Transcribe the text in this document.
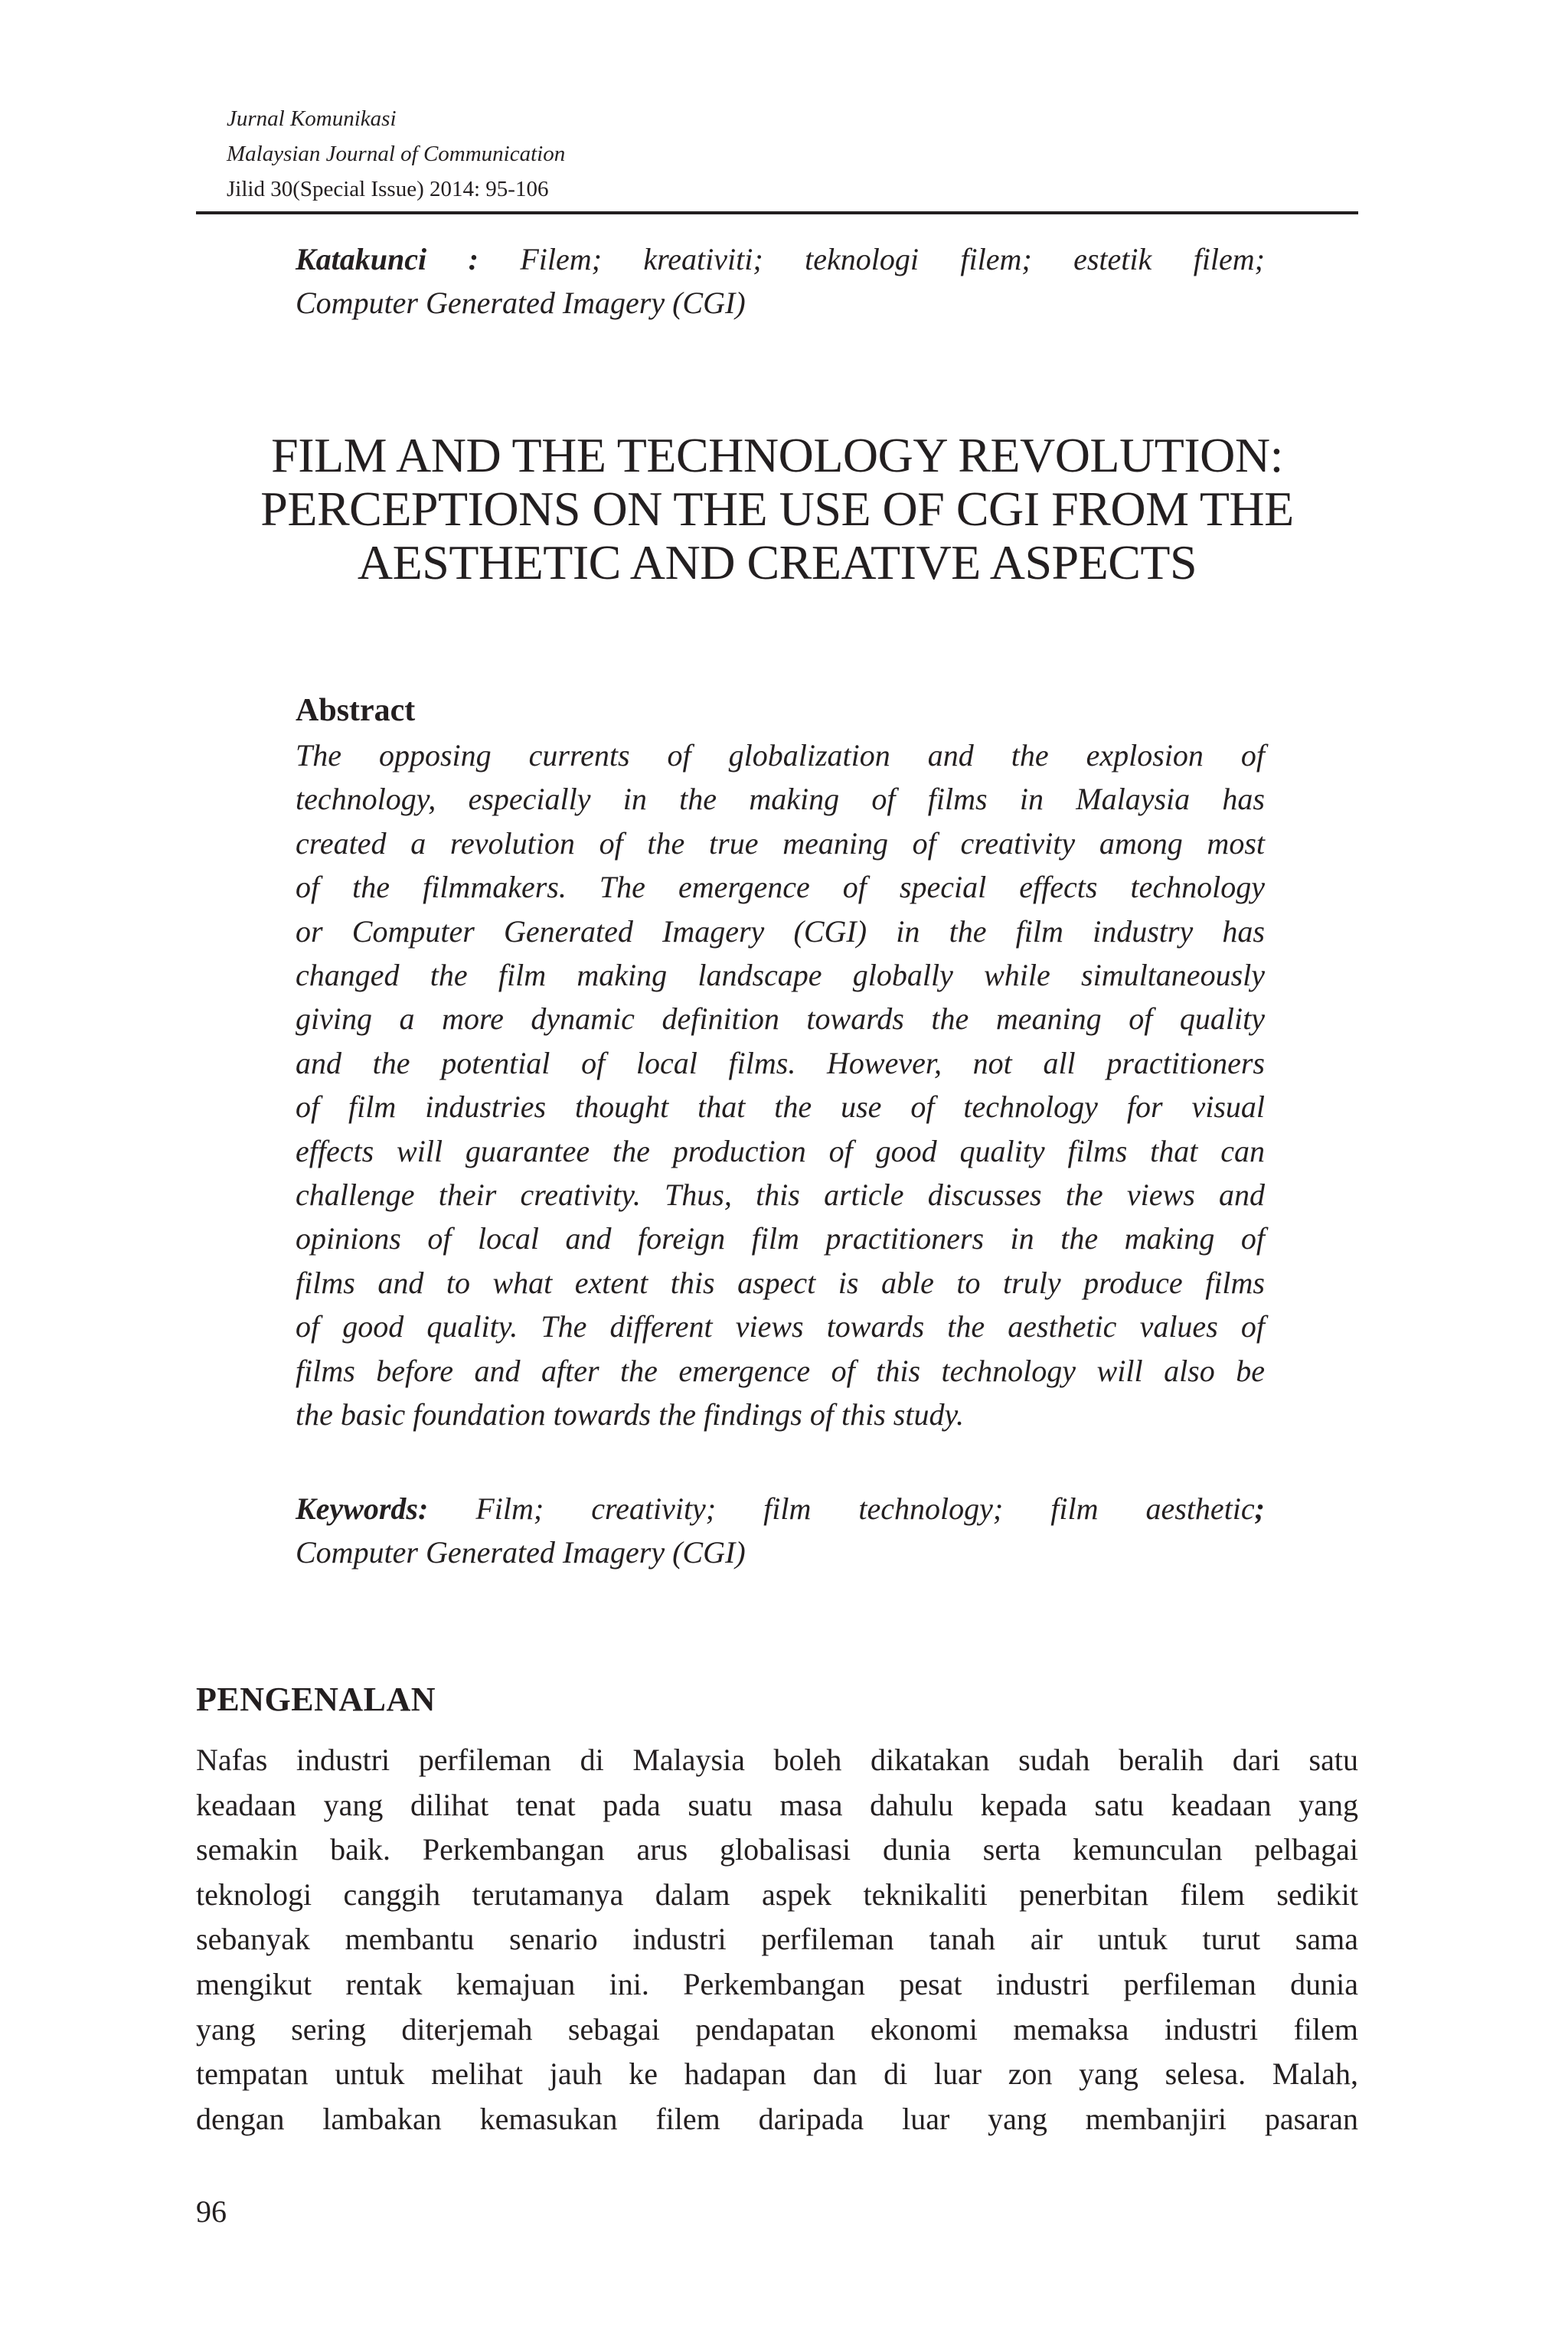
Jurnal Komunikasi
Malaysian Journal of Communication
Jilid 30(Special Issue) 2014: 95-106
Katakunci : Filem; kreativiti; teknologi filem; estetik filem;
Computer Generated Imagery (CGI)
FILM AND THE TECHNOLOGY REVOLUTION:
PERCEPTIONS ON THE USE OF CGI FROM THE
AESTHETIC AND CREATIVE ASPECTS
Abstract
The opposing currents of globalization and the explosion of
technology, especially in the making of films in Malaysia has
created a revolution of the true meaning of creativity among most
of the filmmakers. The emergence of special effects technology
or Computer Generated Imagery (CGI) in the film industry has
changed the film making landscape globally while simultaneously
giving a more dynamic definition towards the meaning of quality
and the potential of local films. However, not all practitioners
of film industries thought that the use of technology for visual
effects will guarantee the production of good quality films that can
challenge their creativity. Thus, this article discusses the views and
opinions of local and foreign film practitioners in the making of
films and to what extent this aspect is able to truly produce films
of good quality. The different views towards the aesthetic values of
films before and after the emergence of this technology will also be
the basic foundation towards the findings of this study.
Keywords: Film; creativity; film technology; film aesthetic;
Computer Generated Imagery (CGI)
PENGENALAN
Nafas industri perfileman di Malaysia boleh dikatakan sudah beralih dari satu
keadaan yang dilihat tenat pada suatu masa dahulu kepada satu keadaan yang
semakin baik. Perkembangan arus globalisasi dunia serta kemunculan pelbagai
teknologi canggih terutamanya dalam aspek teknikaliti penerbitan filem sedikit
sebanyak membantu senario industri perfileman tanah air untuk turut sama
mengikut rentak kemajuan ini. Perkembangan pesat industri perfileman dunia
yang sering diterjemah sebagai pendapatan ekonomi memaksa industri filem
tempatan untuk melihat jauh ke hadapan dan di luar zon yang selesa. Malah,
dengan lambakan kemasukan filem daripada luar yang membanjiri pasaran
96
